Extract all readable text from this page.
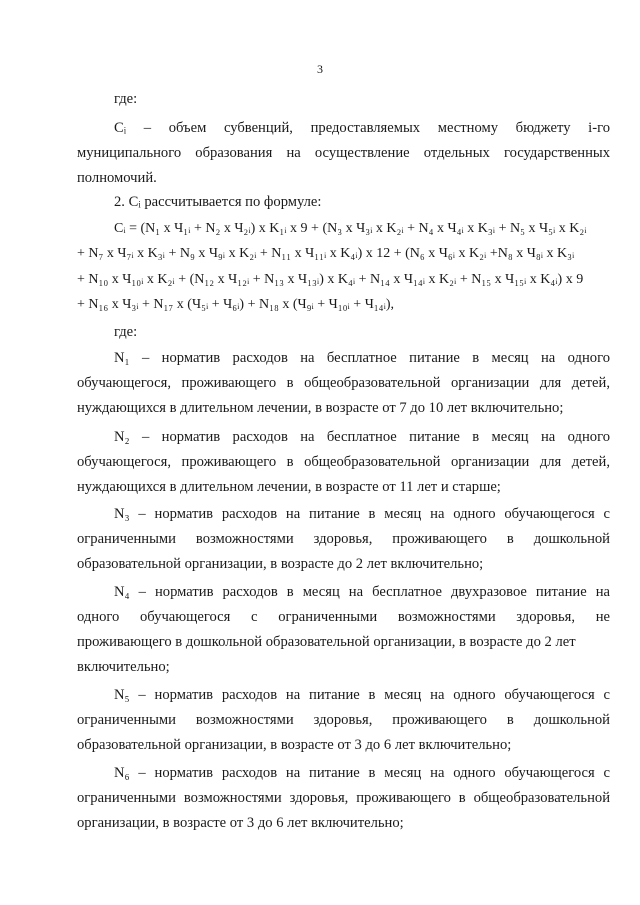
3
где:
Cᵢ – объем субвенций, предоставляемых местному бюджету i-го
муниципального образования на осуществление отдельных государственных
полномочий.
2. Cᵢ рассчитывается по формуле:
Cᵢ = (N₁ х Ч₁ᵢ + N₂ х Ч₂ᵢ) х K₁ᵢ х 9 + (N₃ х Ч₃ᵢ х K₂ᵢ + N₄ х Ч₄ᵢ х K₃ᵢ + N₅ х Ч₅ᵢ х K₂ᵢ
+ N₇ х Ч₇ᵢ х K₃ᵢ + N₉ х Ч₉ᵢ х K₂ᵢ + N₁₁ х Ч₁₁ᵢ х K₄ᵢ) х 12 + (N₆ х Ч₆ᵢ х K₂ᵢ +N₈ х Ч₈ᵢ х K₃ᵢ
+ N₁₀ х Ч₁₀ᵢ х K₂ᵢ + (N₁₂ х Ч₁₂ᵢ + N₁₃ х Ч₁₃ᵢ) х K₄ᵢ + N₁₄ х Ч₁₄ᵢ х K₂ᵢ + N₁₅ х Ч₁₅ᵢ х K₄ᵢ) х 9
+ N₁₆ х Ч₃ᵢ + N₁₇ х (Ч₅ᵢ + Ч₆ᵢ) + N₁₈ х (Ч₉ᵢ + Ч₁₀ᵢ + Ч₁₄ᵢ),
где:
N₁ – норматив расходов на бесплатное питание в месяц на одного
обучающегося, проживающего в общеобразовательной организации для детей,
нуждающихся в длительном лечении, в возрасте от 7 до 10 лет включительно;
N₂ – норматив расходов на бесплатное питание в месяц на одного
обучающегося, проживающего в общеобразовательной организации для детей,
нуждающихся в длительном лечении, в возрасте от 11 лет и старше;
N₃ – норматив расходов на питание в месяц на одного обучающегося с
ограниченными возможностями здоровья, проживающего в дошкольной
образовательной организации, в возрасте до 2 лет включительно;
N₄ – норматив расходов в месяц на бесплатное двухразовое питание на
одного обучающегося с ограниченными возможностями здоровья, не
проживающего в дошкольной образовательной организации, в возрасте до 2 лет
включительно;
N₅ – норматив расходов на питание в месяц на одного обучающегося с
ограниченными возможностями здоровья, проживающего в дошкольной
образовательной организации, в возрасте от 3 до 6 лет включительно;
N₆ – норматив расходов на питание в месяц на одного обучающегося с
ограниченными возможностями здоровья, проживающего в общеобразовательной
организации, в возрасте от 3 до 6 лет включительно;
